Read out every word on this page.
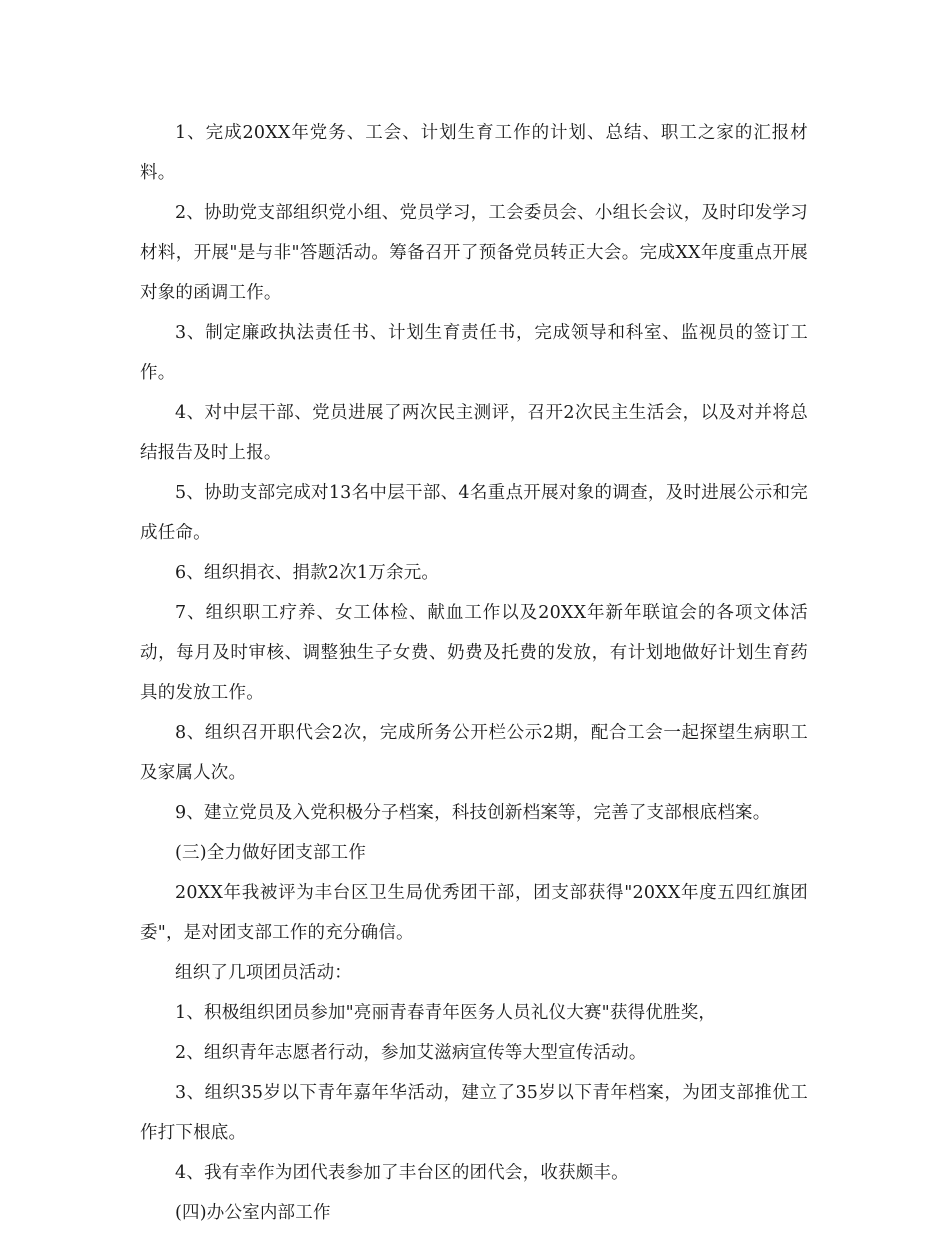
1、完成20XX年党务、工会、计划生育工作的计划、总结、职工之家的汇报材料。

2、协助党支部组织党小组、党员学习，工会委员会、小组长会议，及时印发学习材料，开展"是与非"答题活动。筹备召开了预备党员转正大会。完成XX年度重点开展对象的函调工作。

3、制定廉政执法责任书、计划生育责任书，完成领导和科室、监视员的签订工作。

4、对中层干部、党员进展了两次民主测评，召开2次民主生活会，以及对并将总结报告及时上报。

5、协助支部完成对13名中层干部、4名重点开展对象的调查，及时进展公示和完成任命。

6、组织捐衣、捐款2次1万余元。

7、组织职工疗养、女工体检、献血工作以及20XX年新年联谊会的各项文体活动，每月及时审核、调整独生子女费、奶费及托费的发放，有计划地做好计划生育药具的发放工作。

8、组织召开职代会2次，完成所务公开栏公示2期，配合工会一起探望生病职工及家属人次。

9、建立党员及入党积极分子档案，科技创新档案等，完善了支部根底档案。

(三)全力做好团支部工作

20XX年我被评为丰台区卫生局优秀团干部，团支部获得"20XX年度五四红旗团委"，是对团支部工作的充分确信。

组织了几项团员活动：

1、积极组织团员参加"亮丽青春青年医务人员礼仪大赛"获得优胜奖，

2、组织青年志愿者行动，参加艾滋病宣传等大型宣传活动。

3、组织35岁以下青年嘉年华活动，建立了35岁以下青年档案，为团支部推优工作打下根底。

4、我有幸作为团代表参加了丰台区的团代会，收获颇丰。

(四)办公室内部工作
